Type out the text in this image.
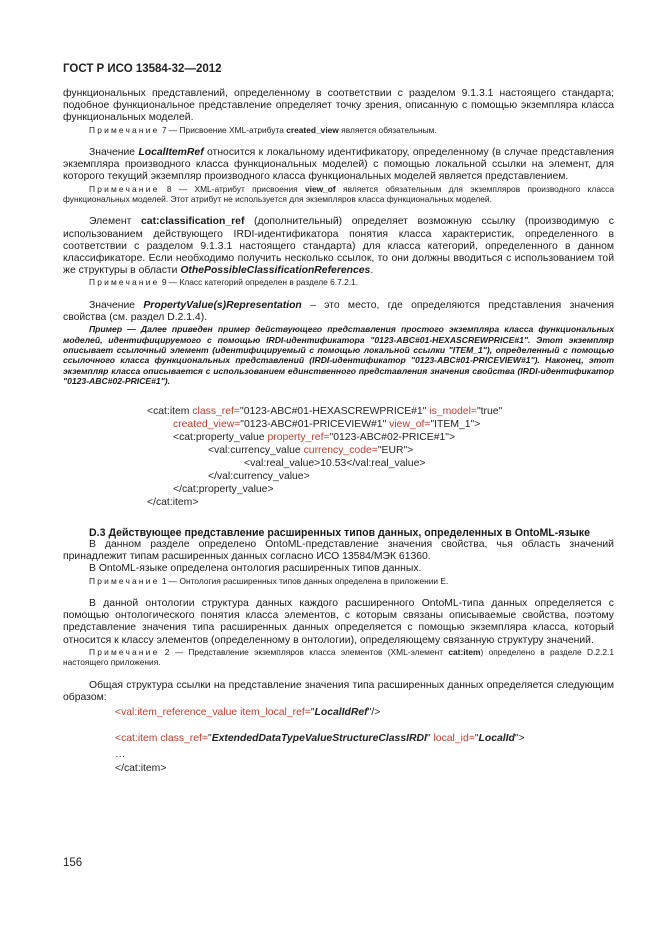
ГОСТ Р ИСО 13584-32—2012

функциональных представлений, определенному в соответствии с разделом 9.1.3.1 настоящего стандарта; подобное функциональное представление определяет точку зрения, описанную с помощью экземпляра класса функциональных моделей.

Примечание 7 — Присвоение XML-атрибута created_view является обязательным.

Значение LocalItemRef относится к локальному идентификатору, определенному (в случае представления экземпляра производного класса функциональных моделей) с помощью локальной ссылки на элемент, для которого текущий экземпляр производного класса функциональных моделей является представлением.

Примечание 8 — XML-атрибут присвоения view_of является обязательным для экземпляров производного класса функциональных моделей. Этот атрибут не используется для экземпляров класса функциональных моделей.

Элемент cat:classification_ref (дополнительный) определяет возможную ссылку (производимую с использованием действующего IRDI-идентификатора понятия класса характеристик, определенного в соответствии с разделом 9.1.3.1 настоящего стандарта) для класса категорий, определенного в данном классификаторе. Если необходимо получить несколько ссылок, то они должны вводиться с использованием той же структуры в области OthePossibleClassificationReferences.

Примечание 9 — Класс категорий определен в разделе 6.7.2.1.

Значение PropertyValue(s)Representation – это место, где определяются представления значения свойства (см. раздел D.2.1.4).

Пример — Далее приведен пример действующего представления простого экземпляра класса функциональных моделей, идентифицируемого с помощью IRDI-идентификатора "0123-ABC#01-HEXASCREWPRICE#1". Этот экземпляр описывает ссылочный элемент (идентифицируемый с помощью локальной ссылки "ITEM_1"), определенный с помощью ссылочного класса функциональных представлений (IRDI-идентификатор "0123-ABC#01-PRICEVIEW#1"). Наконец, этот экземпляр класса описывается с использованием единственного представления значения свойства (IRDI-идентификатор "0123-ABC#02-PRICE#1").

<cat:item class_ref="0123-ABC#01-HEXASCREWPRICE#1" is_model="true"
created_view="0123-ABC#01-PRICEVIEW#1" view_of="ITEM_1">
<cat:property_value property_ref="0123-ABC#02-PRICE#1">
<val:currency_value currency_code="EUR">
<val:real_value>10.53</val:real_value>
</val:currency_value>
</cat:property_value>
</cat:item>

D.3 Действующее представление расширенных типов данных, определенных в OntoML-языке

В данном разделе определено OntoML-представление значения свойства, чья область значений принадлежит типам расширенных данных согласно ИСО 13584/МЭК 61360.

В OntoML-языке определена онтология расширенных типов данных.

Примечание 1 — Онтология расширенных типов данных определена в приложении Е.

В данной онтологии структура данных каждого расширенного OntoML-типа данных определяется с помощью онтологического понятия класса элементов, с которым связаны описываемые свойства, поэтому представление значения типа расширенных данных определяется с помощью экземпляра класса, который относится к классу элементов (определенному в онтологии), определяющему связанную структуру значений.

Примечание 2 — Представление экземпляров класса элементов (XML-элемент cat:item) определено в разделе D.2.2.1 настоящего приложения.

Общая структура ссылки на представление значения типа расширенных данных определяется следующим образом:

<val:item_reference_value item_local_ref="LocalIdRef"/>
<cat:item class_ref="ExtendedDataTypeValueStructureClassIRDI" local_id="LocalId">
…
</cat:item>
156
